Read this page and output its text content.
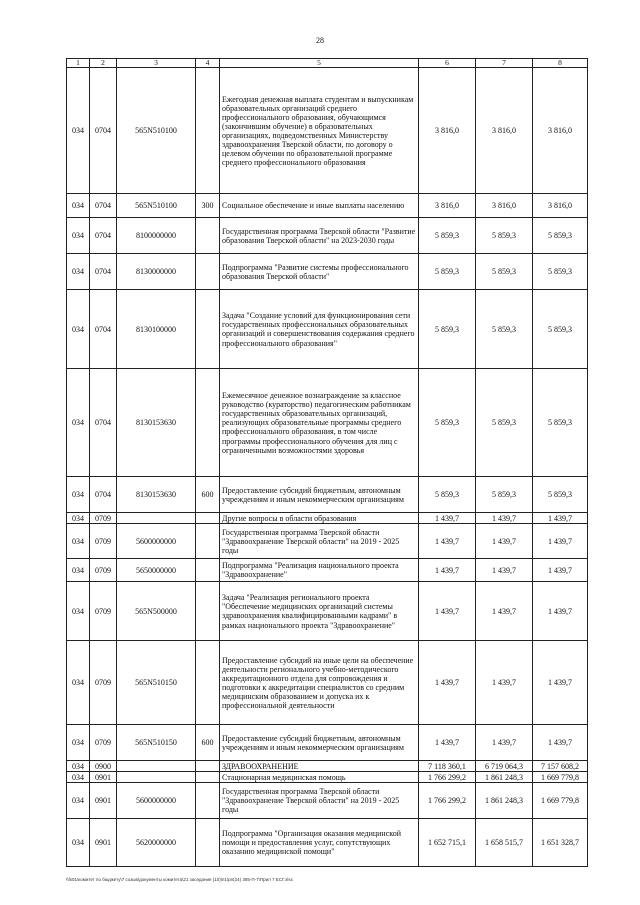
28
1	2	3	4	5	6	7	8
034	0704	565N510100		Ежегодная денежная выплата студентам и выпускникам образовательных организаций среднего профессионального образования, обучающимся (закончившим обучение) в образовательных организациях, подведомственных Министерству здравоохранения Тверской области, по договору о целевом обучении по образовательной программе среднего профессионального образования	3 816,0	3 816,0	3 816,0
034	0704	565N510100	300	Социальное обеспечение и иные выплаты населению	3 816,0	3 816,0	3 816,0
034	0704	8100000000		Государственная программа Тверской области "Развитие образования Тверской области" на 2023-2030 годы	5 859,3	5 859,3	5 859,3
034	0704	8130000000		Подпрограмма "Развитие системы профессионального образования Тверской области"	5 859,3	5 859,3	5 859,3
034	0704	8130100000		Задача "Создание условий для функционирования сети государственных профессиональных образовательных организаций и совершенствования содержания среднего профессионального образования"	5 859,3	5 859,3	5 859,3
034	0704	8130153630		Ежемесячное денежное вознаграждение за классное руководство (кураторство) педагогическим работникам государственных образовательных организаций, реализующих образовательные программы среднего профессионального образования, в том числе программы профессионального обучения для лиц с ограниченными возможностями здоровья	5 859,3	5 859,3	5 859,3
034	0704	8130153630	600	Предоставление субсидий бюджетным, автономным учреждениям и иным некоммерческим организациям	5 859,3	5 859,3	5 859,3
034	0709			Другие вопросы в области образования	1 439,7	1 439,7	1 439,7
034	0709	5600000000		Государственная программа Тверской области "Здравоохранение Тверской области" на 2019 - 2025 годы	1 439,7	1 439,7	1 439,7
034	0709	5650000000		Подпрограмма "Реализация национального проекта "Здравоохранение"	1 439,7	1 439,7	1 439,7
034	0709	565N500000		Задача "Реализация регионального проекта "Обеспечение медицинских организаций системы здравоохранения квалифицированными кадрами" в рамках национального проекта "Здравоохранение"	1 439,7	1 439,7	1 439,7
034	0709	565N510150		Предоставление субсидий на иные цели на обеспечение деятельности регионального учебно-методического аккредитационного отдела для сопровождения и подготовки к аккредитации специалистов со средним медицинским образованием и допуска их к профессиональной деятельности	1 439,7	1 439,7	1 439,7
034	0709	565N510150	600	Предоставление субсидий бюджетным, автономным учреждениям и иным некоммерческим организациям	1 439,7	1 439,7	1 439,7
034	0900			ЗДРАВООХРАНЕНИЕ	7 118 360,1	6 719 064,3	7 157 608,2
034	0901			Стационарная медицинская помощь	1 766 299,2	1 861 248,3	1 669 779,8
034	0901	5600000000		Государственная программа Тверской области "Здравоохранение Тверской области" на 2019 - 2025 годы	1 766 299,2	1 861 248,3	1 669 779,8
034	0901	5620000000		Подпрограмма "Организация оказания медицинской помощи и предоставления услуг, сопутствующих оказанию медицинской помощи"	1 652 715,1	1 658 515,7	1 651 328,7
\\fs01\комитет по бюджету\7 созыв\документы комитета\21 заседание (10)\п1\рп(24) 385-П-7\Прил 7 ЕСГ.xlsx
